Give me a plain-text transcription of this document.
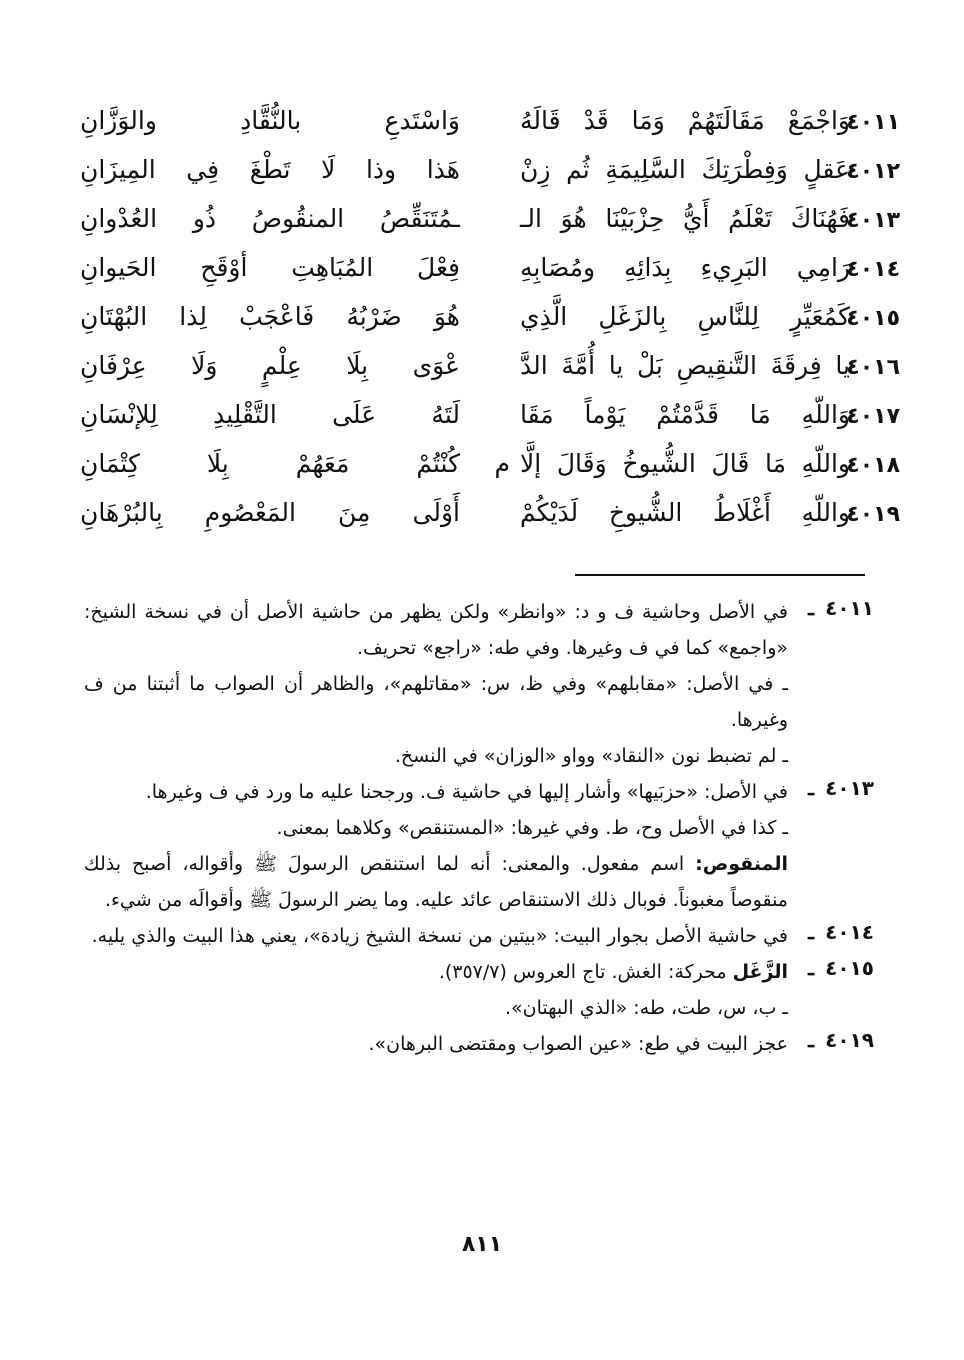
٤٠١١
وَاجْمَعْ مَقَالَتَهُمْ وَمَا قَدْ قَالَهُ
وَاسْتَدعِ بالنُّقَّادِ والوَزَّانِ
٤٠١٢
عَقلٍ وَفِطْرَتِكَ السَّلِيمَةِ ثُم زِنْ
هَذا وذا لَا تَطْغَ فِي المِيزَانِ
٤٠١٣
فَهُنَاكَ تَعْلَمُ أَيُّ حِزْبَيْنَا هُوَ الـ
ـمُتَنَقِّصُ المنقُوصُ ذُو العُدْوانِ
٤٠١٤
رَامِي البَرِيءِ بِدَائِهِ ومُصَابِهِ
فِعْلَ المُبَاهِتِ أوْقَحِ الحَيوانِ
٤٠١٥
كَمُعَيِّرٍ لِلنَّاسِ بِالزَغَلِ الَّذِي
هُوَ ضَرْبُهُ فَاعْجَبْ لِذا البُهْتَانِ
٤٠١٦
يا فِرقَةَ التَّنقِيصِ بَلْ يا أُمَّةَ الدَّ
عْوَى بِلَا عِلْمٍ وَلَا عِرْفَانِ
٤٠١٧
وَاللّهِ مَا قَدَّمْتُمْ يَوْماً مَقَا
لَتَهُ عَلَى التَّقْلِيدِ لِلإنْسَانِ
٤٠١٨
واللّهِ مَا قَالَ الشُّيوخُ وَقَالَ إلَّا
م
كُنْتُمْ مَعَهُمْ بِلَا كِتْمَانِ
٤٠١٩
واللّهِ أَغْلَاطُ الشُّيوخِ لَدَيْكُمْ
أَوْلَى مِنَ المَعْصُومِ بِالبُرْهَانِ
٤٠١١
ـ

في الأصل وحاشية ف و د: «وانظر» ولكن يظهر من حاشية الأصل أن في نسخة الشيخ: «واجمع» كما في ف وغيرها. وفي طه: «راجع» تحريف.

ـ في الأصل: «مقابلهم» وفي ظ، س: «مقاتلهم»، والظاهر أن الصواب ما أثبتنا من ف وغيرها.

ـ لم تضبط نون «النقاد» وواو «الوزان» في النسخ.

٤٠١٣
ـ

في الأصل: «حزبَيها» وأشار إليها في حاشية ف. ورجحنا عليه ما ورد في ف وغيرها.

ـ كذا في الأصل وح، ط. وفي غيرها: «المستنقص» وكلاهما بمعنى.

المنقوص: اسم مفعول. والمعنى: أنه لما استنقص الرسولَ ﷺ وأقواله، أصبح بذلك منقوصاً مغبوناً. فوبال ذلك الاستنقاص عائد عليه. وما يضر الرسولَ ﷺ وأقوالَه من شيء.

٤٠١٤
ـ

في حاشية الأصل بجوار البيت: «بيتين من نسخة الشيخ زيادة»، يعني هذا البيت والذي يليه.

٤٠١٥
ـ

الزَّغَل محركة: الغش. تاج العروس (٣٥٧/٧).

ـ ب، س، طت، طه: «الذي البهتان».

٤٠١٩
ـ

عجز البيت في طع: «عين الصواب ومقتضى البرهان».

٨١١
